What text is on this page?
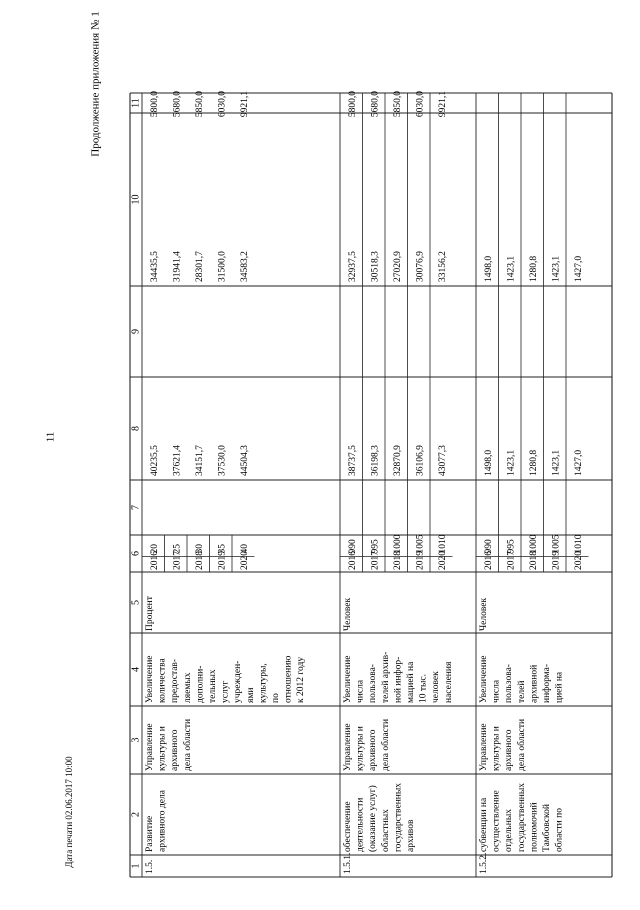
11
Продолжение приложения № 1
Дата печати 02.06.2017 10:00	1
2
3
4
5
6
7
8
9
10
11
1.5.
Развитие архивного дела
Управление культуры и архивного дела области
Увеличение количества предостав- ляемых дополни- тельных услуг учрежден- ями культуры, по отношению к 2012 году
Процент
2016
20
40235,5
34435,5
5800,0
2017
25
37621,4
31941,4
5680,0
2018
30
34151,7
28301,7
5850,0
2019
35
37530,0
31500,0
6030,0
2020
40
44504,3
34583,2
9921,1
1.5.1.
обеспечение деятельности (оказание услуг) областных государственных архивов
Управление культуры и архивного дела области
Увеличение числа пользова- телей архив- ной инфор- мацией на 10 тыс. человек населения
Человек
2016
990
38737,5
32937,5
5800,0
2017
995
36198,3
30518,3
5680,0
2018
1000
32870,9
27020,9
5850,0
2019
1005
36106,9
30076,9
6030,0
2020
1010
43077,3
33156,2
9921,1
1.5.2.
субвенции на осуществление отдельных государственных полномочий Тамбовской области по
Управление культуры и архивного дела области
Увеличение числа пользова- телей архивной информа- цией на
Человек
2016
990
1498,0
1498,0
2017
995
1423,1
1423,1
2018
1000
1280,8
1280,8
2019
1005
1423,1
1423,1
2020
1010
1427,0
1427,0
